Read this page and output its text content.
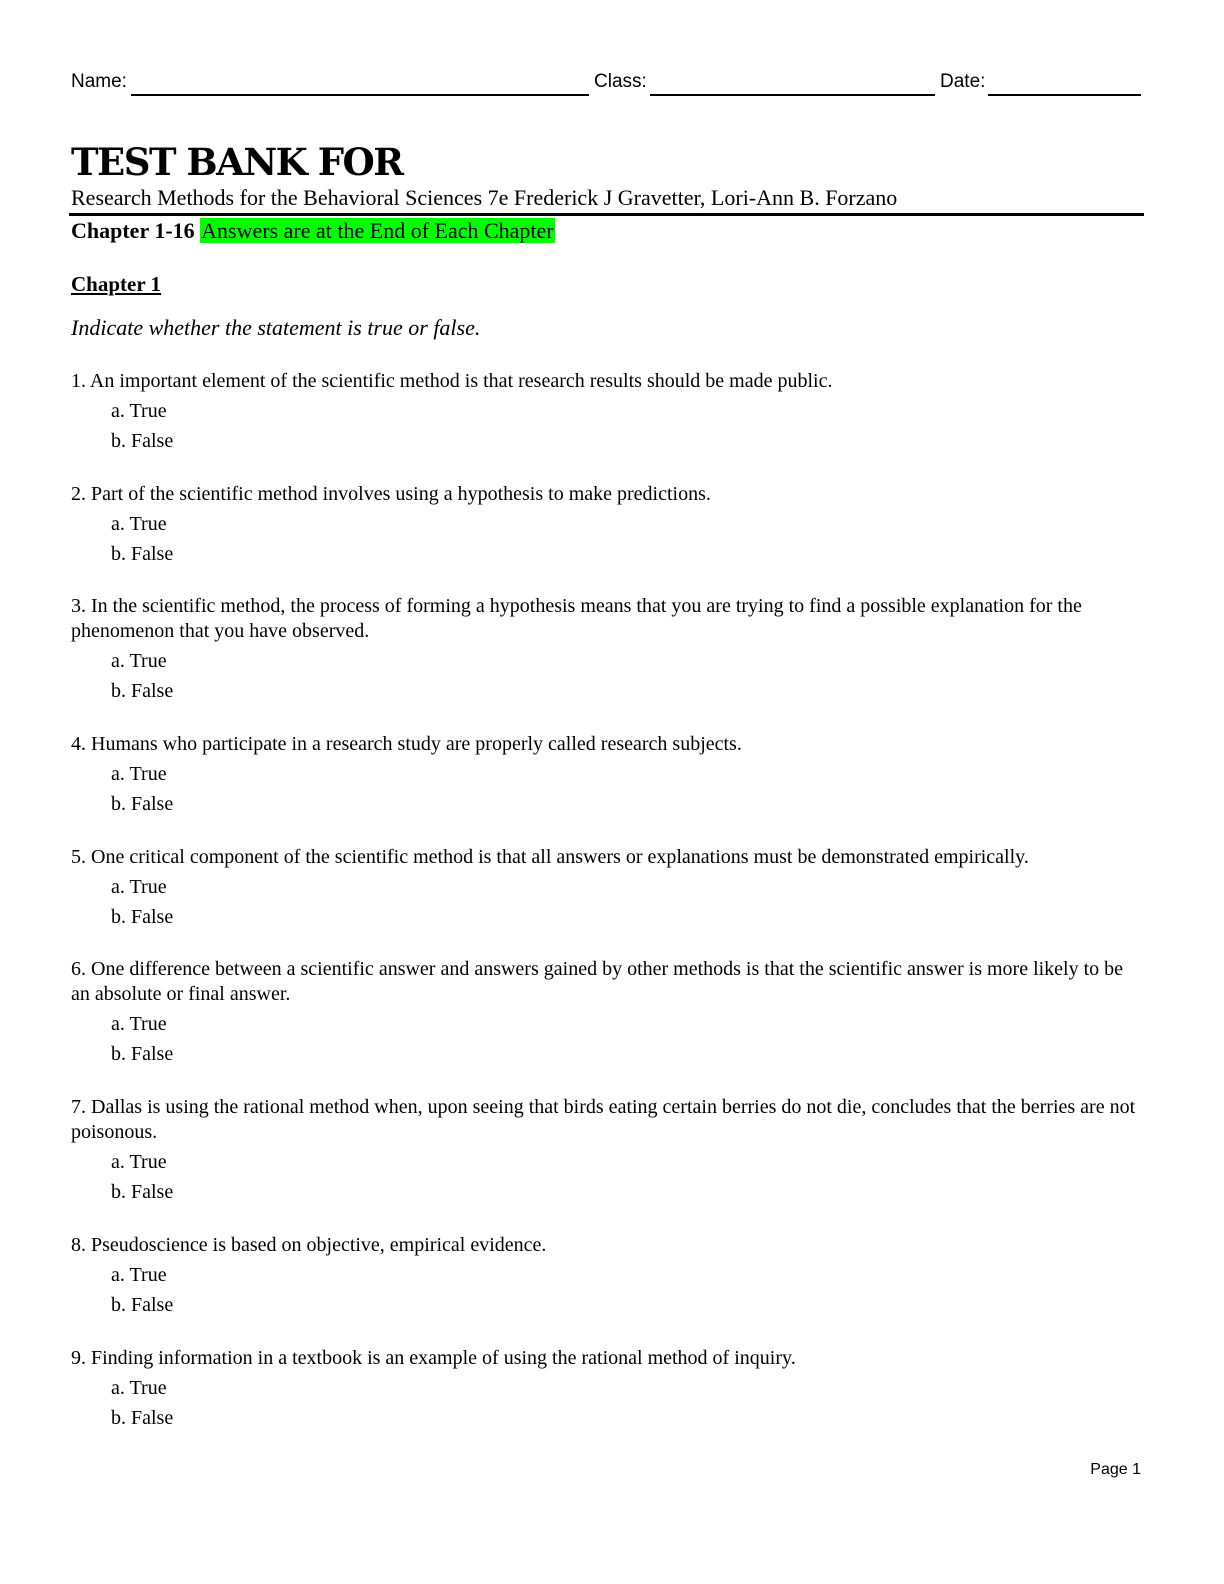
Name:	Class:	Date:
TEST BANK FOR
Research Methods for the Behavioral Sciences 7e Frederick J Gravetter, Lori-Ann B. Forzano
Chapter 1-16 Answers are at the End of Each Chapter
Chapter 1
Indicate whether the statement is true or false.

1. An important element of the scientific method is that research results should be made public.

a. True
b. False

2. Part of the scientific method involves using a hypothesis to make predictions.

a. True
b. False

3. In the scientific method, the process of forming a hypothesis means that you are trying to find a possible explanation for the phenomenon that you have observed.

a. True
b. False

4. Humans who participate in a research study are properly called research subjects.

a. True
b. False

5. One critical component of the scientific method is that all answers or explanations must be demonstrated empirically.

a. True
b. False

6. One difference between a scientific answer and answers gained by other methods is that the scientific answer is more likely to be an absolute or final answer.

a. True
b. False

7. Dallas is using the rational method when, upon seeing that birds eating certain berries do not die, concludes that the berries are not poisonous.

a. True
b. False

8. Pseudoscience is based on objective, empirical evidence.

a. True
b. False

9. Finding information in a textbook is an example of using the rational method of inquiry.

a. True
b. False
Page 1
